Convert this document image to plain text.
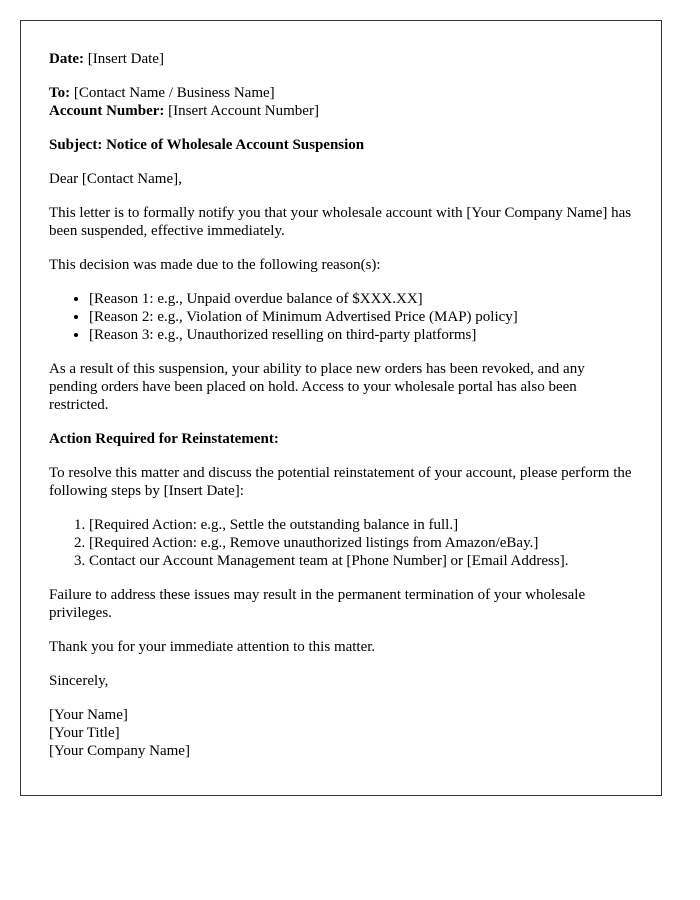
Date: [Insert Date]

To: [Contact Name / Business Name]

Account Number: [Insert Account Number]

Subject: Notice of Wholesale Account Suspension

Dear [Contact Name],

This letter is to formally notify you that your wholesale account with [Your Company Name] has been suspended, effective immediately.

This decision was made due to the following reason(s):

• [Reason 1: e.g., Unpaid overdue balance of $XXX.XX]
• [Reason 2: e.g., Violation of Minimum Advertised Price (MAP) policy]
• [Reason 3: e.g., Unauthorized reselling on third-party platforms]

As a result of this suspension, your ability to place new orders has been revoked, and any pending orders have been placed on hold. Access to your wholesale portal has also been restricted.

Action Required for Reinstatement:

To resolve this matter and discuss the potential reinstatement of your account, please perform the following steps by [Insert Date]:

1. [Required Action: e.g., Settle the outstanding balance in full.]
2. [Required Action: e.g., Remove unauthorized listings from Amazon/eBay.]
3. Contact our Account Management team at [Phone Number] or [Email Address].

Failure to address these issues may result in the permanent termination of your wholesale privileges.

Thank you for your immediate attention to this matter.

Sincerely,

[Your Name]

[Your Title]

[Your Company Name]
